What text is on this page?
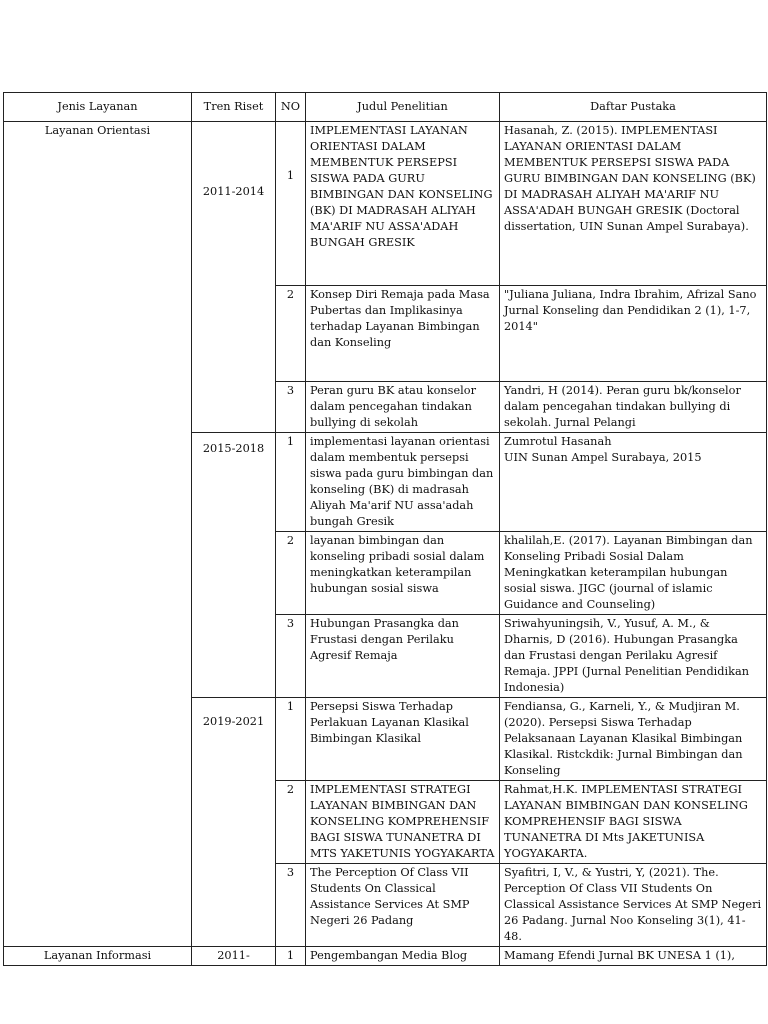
Jenis Layanan	Tren Riset	NO	Judul Penelitian	Daftar Pustaka
Layanan Orientasi	2011-2014	1	IMPLEMENTASI LAYANAN ORIENTASI DALAM MEMBENTUK PERSEPSI SISWA PADA GURU BIMBINGAN DAN KONSELING (BK) DI MADRASAH ALIYAH MA'ARIF NU ASSA'ADAH BUNGAH GRESIK	Hasanah, Z. (2015). IMPLEMENTASI LAYANAN ORIENTASI DALAM MEMBENTUK PERSEPSI SISWA PADA GURU BIMBINGAN DAN KONSELING (BK) DI MADRASAH ALIYAH MA'ARIF NU ASSA'ADAH BUNGAH GRESIK (Doctoral dissertation, UIN Sunan Ampel Surabaya).
		2	Konsep Diri Remaja pada Masa Pubertas dan Implikasinya terhadap Layanan Bimbingan dan Konseling	"Juliana Juliana, Indra Ibrahim, Afrizal Sano Jurnal Konseling dan Pendidikan 2 (1), 1-7, 2014"
		3	Peran guru BK atau konselor dalam pencegahan tindakan bullying di sekolah	Yandri, H (2014). Peran guru bk/konselor dalam pencegahan tindakan bullying di sekolah. Jurnal Pelangi
	2015-2018	1	implementasi layanan orientasi dalam membentuk persepsi siswa pada guru bimbingan dan konseling (BK) di madrasah Aliyah Ma'arif NU assa'adah bungah Gresik	Zumrotul Hasanah
UIN Sunan Ampel Surabaya, 2015

		2	layanan bimbingan dan konseling pribadi sosial dalam meningkatkan keterampilan hubungan sosial siswa	khalilah,E. (2017). Layanan Bimbingan dan Konseling Pribadi Sosial Dalam Meningkatkan keterampilan hubungan sosial siswa. JIGC (journal of islamic Guidance and Counseling)
		3	Hubungan Prasangka dan Frustasi dengan Perilaku Agresif Remaja	Sriwahyuningsih, V., Yusuf, A. M., & Dharnis, D (2016). Hubungan Prasangka dan Frustasi dengan Perilaku Agresif Remaja. JPPI (Jurnal Penelitian Pendidikan Indonesia)
	2019-2021	1	Persepsi Siswa Terhadap Perlakuan Layanan Klasikal Bimbingan Klasikal	Fendiansa, G., Karneli, Y., & Mudjiran M. (2020). Persepsi Siswa Terhadap Pelaksanaan Layanan Klasikal Bimbingan Klasikal. Ristckdik: Jurnal Bimbingan dan Konseling
		2	IMPLEMENTASI STRATEGI LAYANAN BIMBINGAN DAN KONSELING KOMPREHENSIF BAGI SISWA TUNANETRA DI MTS YAKETUNIS YOGYAKARTA	Rahmat,H.K. IMPLEMENTASI STRATEGI LAYANAN BIMBINGAN DAN KONSELING KOMPREHENSIF BAGI SISWA TUNANETRA DI Mts JAKETUNISA YOGYAKARTA.
		3	The Perception Of Class VII Students On Classical Assistance Services At SMP Negeri 26 Padang	Syafitri, I, V., & Yustri, Y, (2021). The. Perception Of Class VII Students On Classical Assistance Services At SMP Negeri 26 Padang. Jurnal Noo Konseling 3(1), 41-48.
Layanan Informasi	2011-	1	Pengembangan Media Blog	Mamang Efendi Jurnal BK UNESA 1 (1),
